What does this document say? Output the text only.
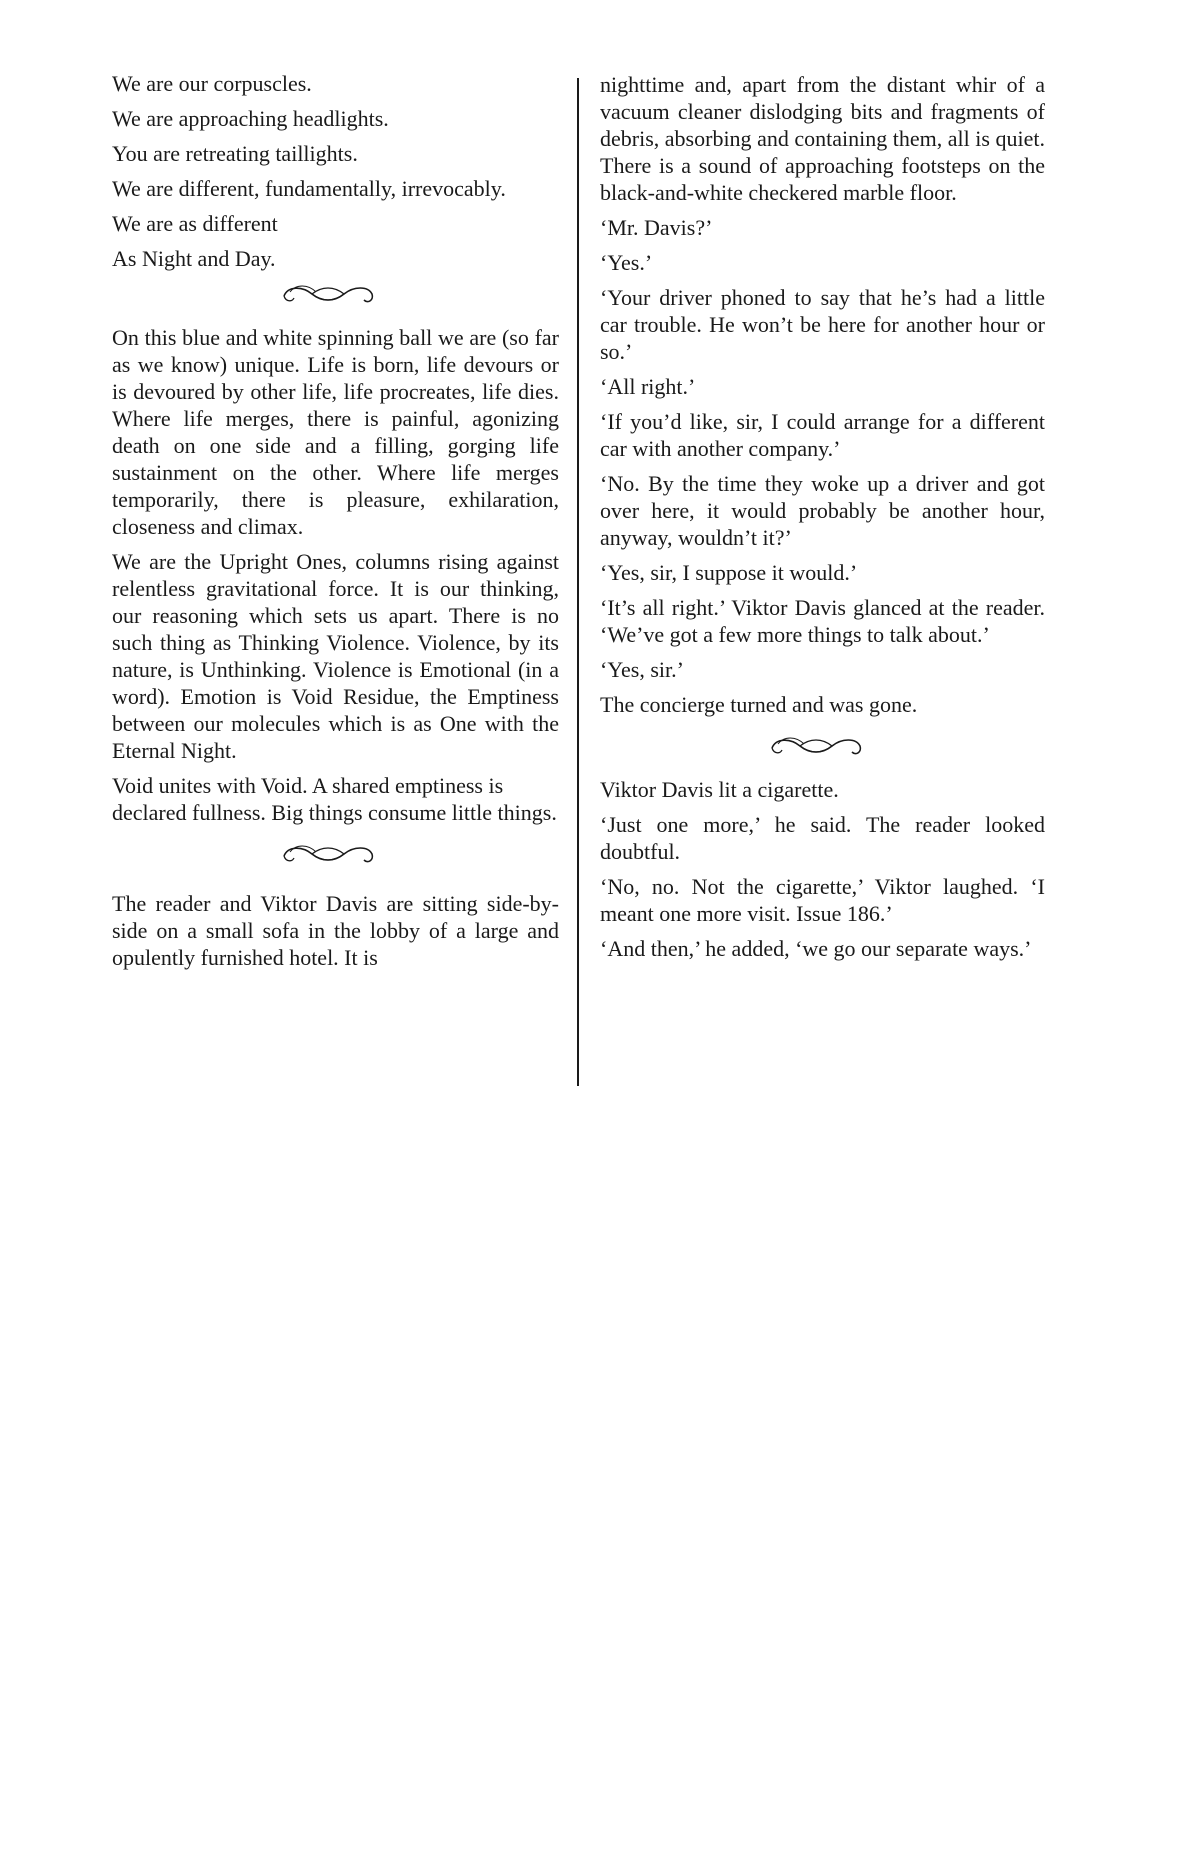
We are our corpuscles.
We are approaching headlights.
You are retreating taillights.
We are different, fundamentally, irrevocably.
We are as different
As Night and Day.

On this blue and white spinning ball we are (so far as we know) unique. Life is born, life devours or is devoured by other life, life procreates, life dies. Where life merges, there is painful, agonizing death on one side and a filling, gorging life sustainment on the other. Where life merges temporarily, there is pleasure, exhilaration, closeness and climax.

We are the Upright Ones, columns rising against relentless gravitational force. It is our thinking, our reasoning which sets us apart. There is no such thing as Thinking Violence. Violence, by its nature, is Unthinking. Violence is Emotional (in a word). Emotion is Void Residue, the Emptiness between our molecules which is as One with the Eternal Night.

Void unites with Void. A shared emptiness is declared fullness. Big things consume little things.

The reader and Viktor Davis are sitting side-by-side on a small sofa in the lobby of a large and opulently furnished hotel. It is

nighttime and, apart from the distant whir of a vacuum cleaner dislodging bits and fragments of debris, absorbing and containing them, all is quiet. There is a sound of approaching footsteps on the black-and-white checkered marble floor.

‘Mr. Davis?’

‘Yes.’

‘Your driver phoned to say that he’s had a little car trouble. He won’t be here for another hour or so.’

‘All right.’

‘If you’d like, sir, I could arrange for a different car with another company.’

‘No. By the time they woke up a driver and got over here, it would probably be another hour, anyway, wouldn’t it?’

‘Yes, sir, I suppose it would.’

‘It’s all right.’ Viktor Davis glanced at the reader. ‘We’ve got a few more things to talk about.’

‘Yes, sir.’

The concierge turned and was gone.

Viktor Davis lit a cigarette.

‘Just one more,’ he said. The reader looked doubtful.

‘No, no. Not the cigarette,’ Viktor laughed. ‘I meant one more visit. Issue 186.’

‘And then,’ he added, ‘we go our separate ways.’
